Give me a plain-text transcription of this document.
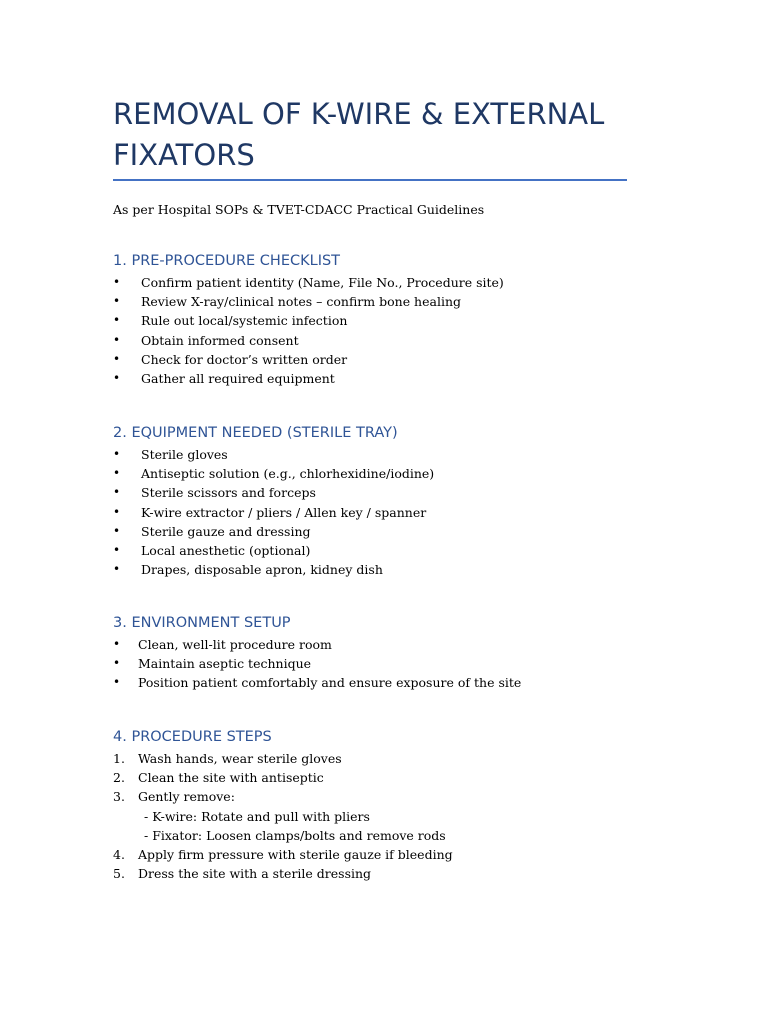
REMOVAL OF K-WIRE & EXTERNAL FIXATORS

As per Hospital SOPs & TVET-CDACC Practical Guidelines

1. PRE-PROCEDURE CHECKLIST
• Confirm patient identity (Name, File No., Procedure site)
• Review X-ray/clinical notes – confirm bone healing
• Rule out local/systemic infection
• Obtain informed consent
• Check for doctor’s written order
• Gather all required equipment
2. EQUIPMENT NEEDED (STERILE TRAY)
• Sterile gloves
• Antiseptic solution (e.g., chlorhexidine/iodine)
• Sterile scissors and forceps
• K-wire extractor / pliers / Allen key / spanner
• Sterile gauze and dressing
• Local anesthetic (optional)
• Drapes, disposable apron, kidney dish
3. ENVIRONMENT SETUP
• Clean, well-lit procedure room
• Maintain aseptic technique
• Position patient comfortably and ensure exposure of the site
4. PROCEDURE STEPS
1. Wash hands, wear sterile gloves
2. Clean the site with antiseptic
3. Gently remove:
- K-wire: Rotate and pull with pliers
- Fixator: Loosen clamps/bolts and remove rods
4. Apply firm pressure with sterile gauze if bleeding
5. Dress the site with a sterile dressing
